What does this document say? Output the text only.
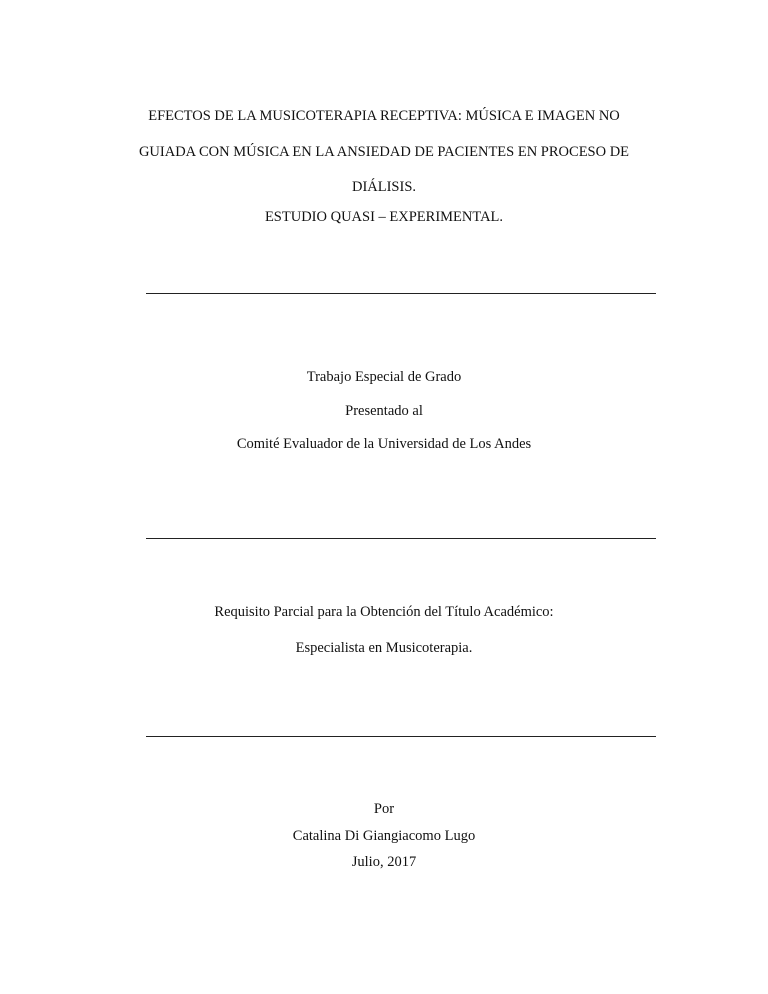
EFECTOS DE LA MUSICOTERAPIA RECEPTIVA: MÚSICA E IMAGEN NO
GUIADA CON MÚSICA EN LA ANSIEDAD DE PACIENTES EN PROCESO DE
DIÁLISIS.
ESTUDIO QUASI – EXPERIMENTAL.
Trabajo Especial de Grado
Presentado al
Comité Evaluador de la Universidad de Los Andes
Requisito Parcial para la Obtención del Título Académico:
Especialista en Musicoterapia.
Por
Catalina Di Giangiacomo Lugo
Julio, 2017
